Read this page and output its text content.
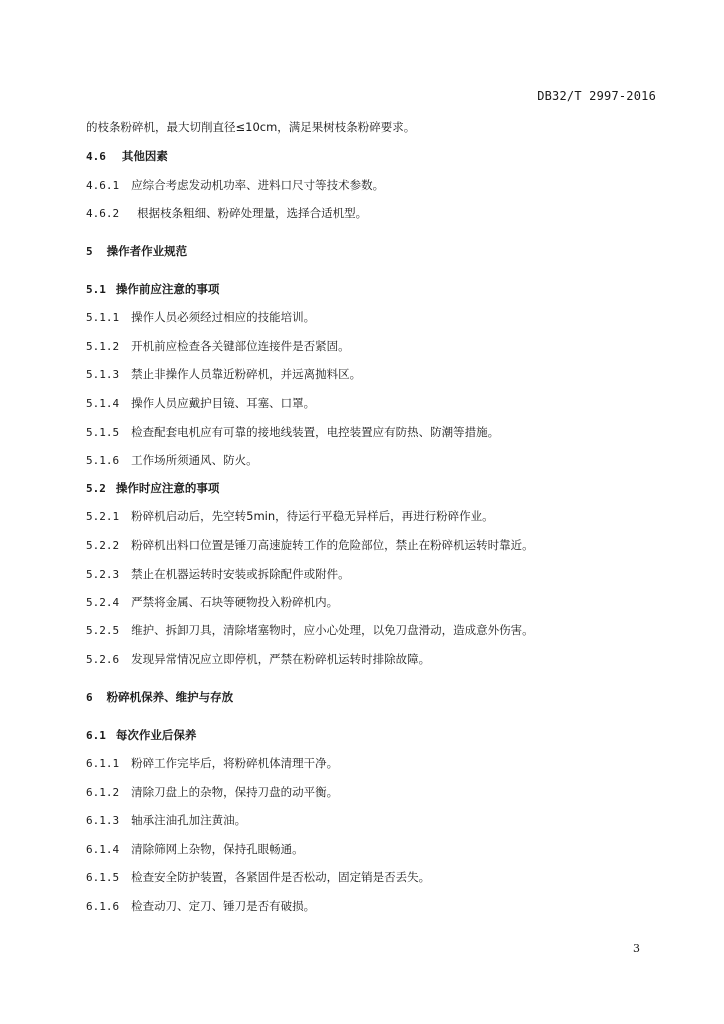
DB32/T 2997-2016
的枝条粉碎机，最大切削直径≤10cm，满足果树枝条粉碎要求。
4.6 其他因素
4.6.1 应综合考虑发动机功率、进料口尺寸等技术参数。
4.6.2 根据枝条粗细、粉碎处理量，选择合适机型。
5 操作者作业规范
5.1 操作前应注意的事项
5.1.1 操作人员必须经过相应的技能培训。
5.1.2 开机前应检查各关键部位连接件是否紧固。
5.1.3 禁止非操作人员靠近粉碎机，并远离抛料区。
5.1.4 操作人员应戴护目镜、耳塞、口罩。
5.1.5 检查配套电机应有可靠的接地线装置，电控装置应有防热、防潮等措施。
5.1.6 工作场所须通风、防火。
5.2 操作时应注意的事项
5.2.1 粉碎机启动后，先空转5min，待运行平稳无异样后，再进行粉碎作业。
5.2.2 粉碎机出料口位置是锤刀高速旋转工作的危险部位，禁止在粉碎机运转时靠近。
5.2.3 禁止在机器运转时安装或拆除配件或附件。
5.2.4 严禁将金属、石块等硬物投入粉碎机内。
5.2.5 维护、拆卸刀具，清除堵塞物时，应小心处理，以免刀盘滑动，造成意外伤害。
5.2.6 发现异常情况应立即停机，严禁在粉碎机运转时排除故障。
6 粉碎机保养、维护与存放
6.1 每次作业后保养
6.1.1 粉碎工作完毕后，将粉碎机体清理干净。
6.1.2 清除刀盘上的杂物，保持刀盘的动平衡。
6.1.3 轴承注油孔加注黄油。
6.1.4 清除筛网上杂物，保持孔眼畅通。
6.1.5 检查安全防护装置，各紧固件是否松动，固定销是否丢失。
6.1.6 检查动刀、定刀、锤刀是否有破损。
3
